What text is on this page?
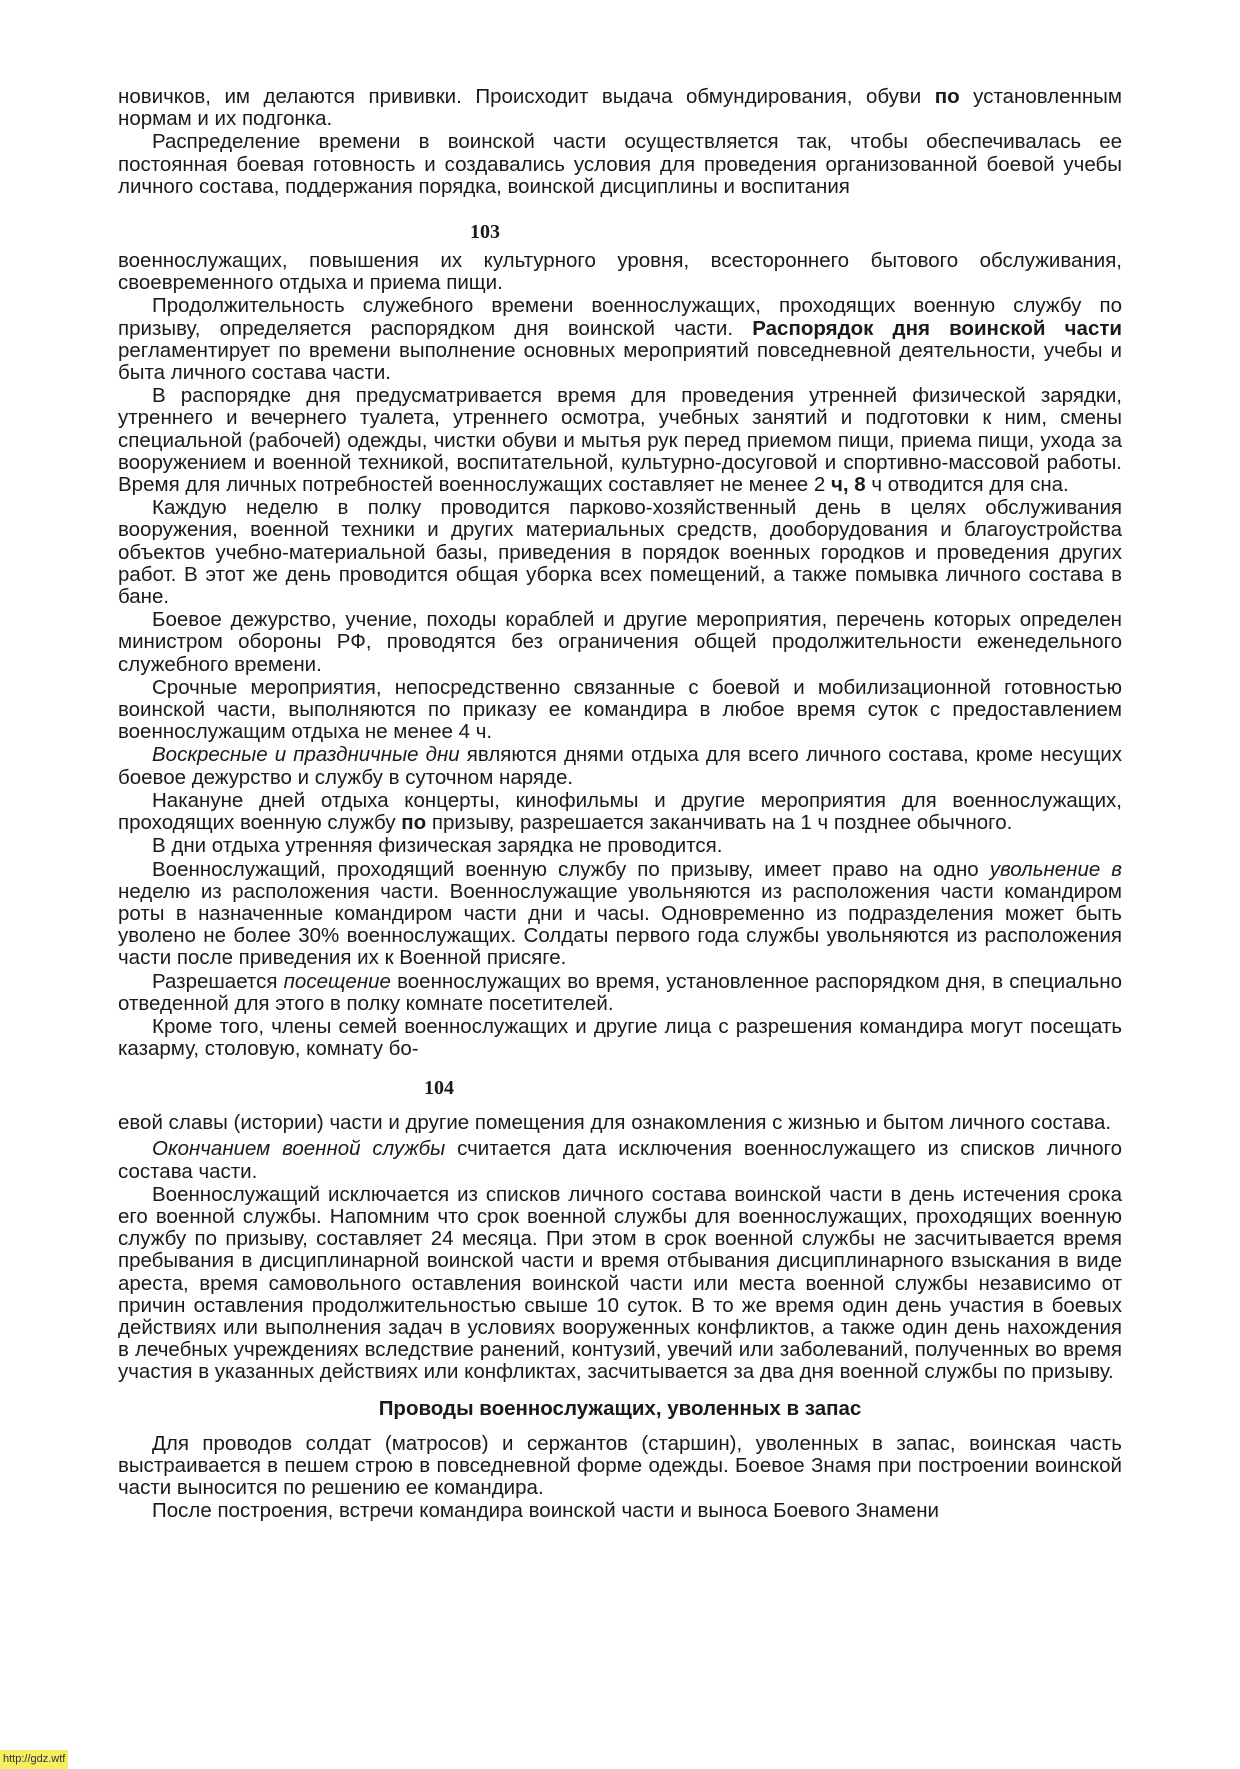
новичков, им делаются прививки. Происходит выдача обмундирования, обуви по установленным нормам и их подгонка.

Распределение времени в воинской части осуществляется так, чтобы обеспечивалась ее постоянная боевая готовность и создавались условия для проведения организованной боевой учебы личного состава, поддержания порядка, воинской дисциплины и воспитания

103

военнослужащих, повышения их культурного уровня, всестороннего бытового обслуживания, своевременного отдыха и приема пищи.

Продолжительность служебного времени военнослужащих, проходящих военную службу по призыву, определяется распорядком дня воинской части. Распорядок дня воинской части регламентирует по времени выполнение основных мероприятий повседневной деятельности, учебы и быта личного состава части.

В распорядке дня предусматривается время для проведения утренней физической зарядки, утреннего и вечернего туалета, утреннего осмотра, учебных занятий и подготовки к ним, смены специальной (рабочей) одежды, чистки обуви и мытья рук перед приемом пищи, приема пищи, ухода за вооружением и военной техникой, воспитательной, культурно-досуговой и спортивно-массовой работы. Время для личных потребностей военнослужащих составляет не менее 2 ч, 8 ч отводится для сна.

Каждую неделю в полку проводится парково-хозяйственный день в целях обслуживания вооружения, военной техники и других материальных средств, дооборудования и благоустройства объектов учебно-материальной базы, приведения в порядок военных городков и проведения других работ. В этот же день проводится общая уборка всех помещений, а также помывка личного состава в бане.

Боевое дежурство, учение, походы кораблей и другие мероприятия, перечень которых определен министром обороны РФ, проводятся без ограничения общей продолжительности еженедельного служебного времени.

Срочные мероприятия, непосредственно связанные с боевой и мобилизационной готовностью воинской части, выполняются по приказу ее командира в любое время суток с предоставлением военнослужащим отдыха не менее 4 ч.

Воскресные и праздничные дни являются днями отдыха для всего личного состава, кроме несущих боевое дежурство и службу в суточном наряде.

Накануне дней отдыха концерты, кинофильмы и другие мероприятия для военнослужащих, проходящих военную службу по призыву, разрешается заканчивать на 1 ч позднее обычного.

В дни отдыха утренняя физическая зарядка не проводится.

Военнослужащий, проходящий военную службу по призыву, имеет право на одно увольнение в неделю из расположения части. Военнослужащие увольняются из расположения части командиром роты в назначенные командиром части дни и часы. Одновременно из подразделения может быть уволено не более 30% военнослужащих. Солдаты первого года службы увольняются из расположения части после приведения их к Военной присяге.

Разрешается посещение военнослужащих во время, установленное распорядком дня, в специально отведенной для этого в полку комнате посетителей.

Кроме того, члены семей военнослужащих и другие лица с разрешения командира могут посещать казарму, столовую, комнату бо-

104

евой славы (истории) части и другие помещения для ознакомления с жизнью и бытом личного состава.

Окончанием военной службы считается дата исключения военнослужащего из списков личного состава части.

Военнослужащий исключается из списков личного состава воинской части в день истечения срока его военной службы. Напомним что срок военной службы для военнослужащих, проходящих военную службу по призыву, составляет 24 месяца. При этом в срок военной службы не засчитывается время пребывания в дисциплинарной воинской части и время отбывания дисциплинарного взыскания в виде ареста, время самовольного оставления воинской части или места военной службы независимо от причин оставления продолжительностью свыше 10 суток. В то же время один день участия в боевых действиях или выполнения задач в условиях вооруженных конфликтов, а также один день нахождения в лечебных учреждениях вследствие ранений, контузий, увечий или заболеваний, полученных во время участия в указанных действиях или конфликтах, засчитывается за два дня военной службы по призыву.

Проводы военнослужащих, уволенных в запас

Для проводов солдат (матросов) и сержантов (старшин), уволенных в запас, воинская часть выстраивается в пешем строю в повседневной форме одежды. Боевое Знамя при построении воинской части выносится по решению ее командира.

После построения, встречи командира воинской части и выноса Боевого Знамени

http://gdz.wtf
